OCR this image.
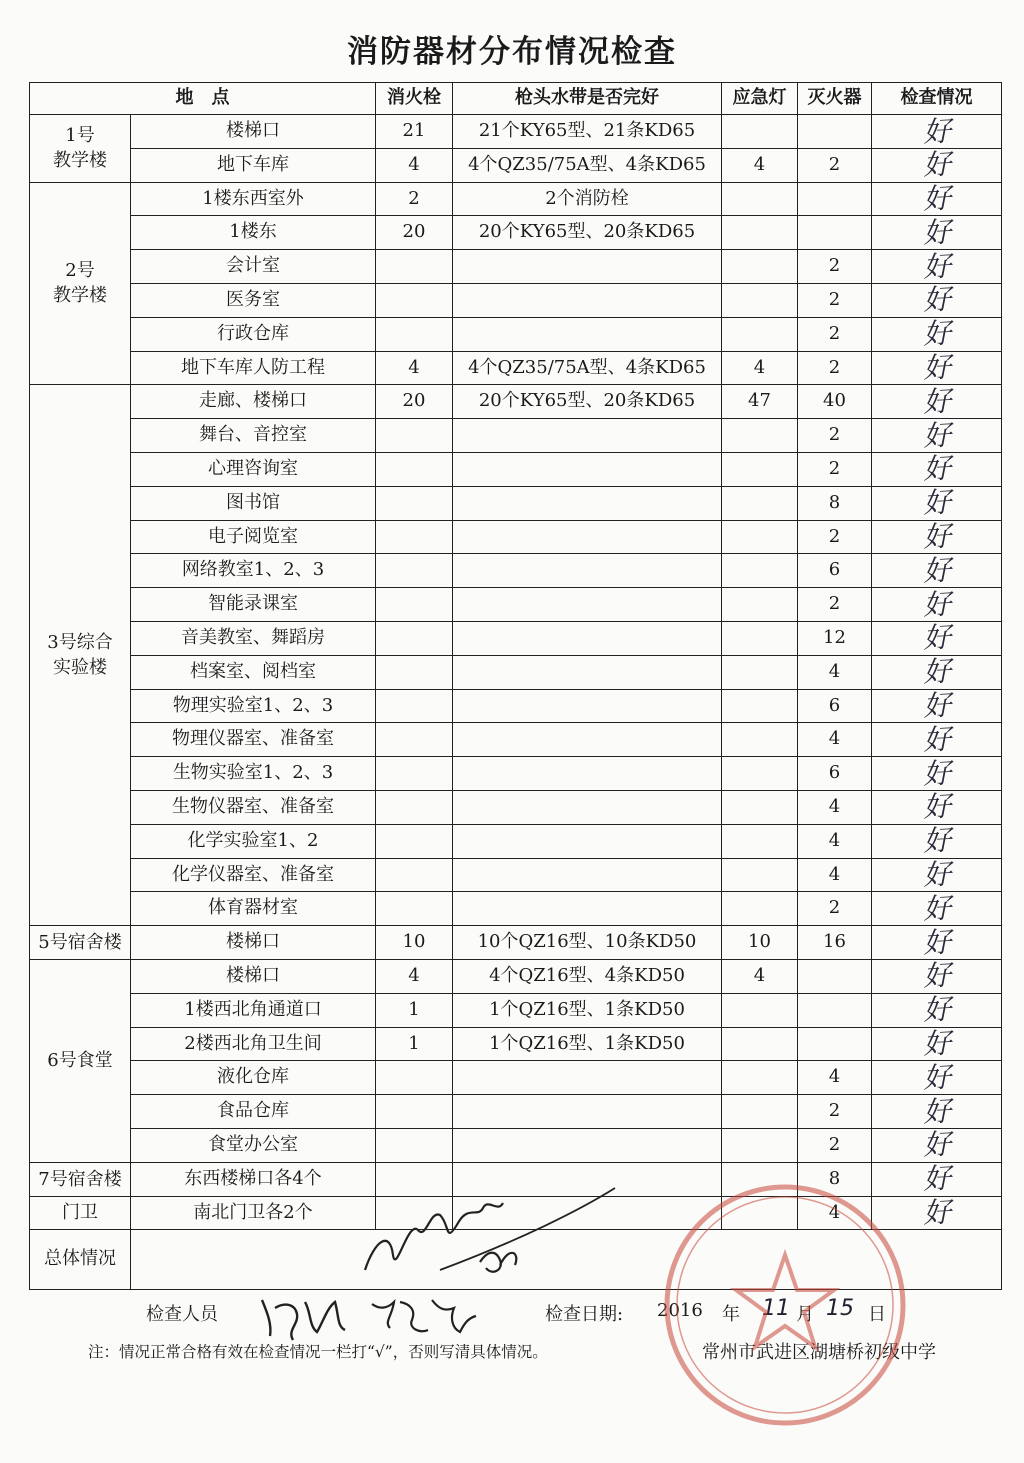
消防器材分布情况检查
地　点		消火栓	枪头水带是否完好	应急灯	灭火器	检查情况
1号
教学楼	楼梯口	21	21个KY65型、21条KD65			好
	地下车库	4	4个QZ35/75A型、4条KD65	4	2	好
2号
教学楼	1楼东西室外	2	2个消防栓			好
	1楼东	20	20个KY65型、20条KD65			好
	会计室				2	好
	医务室				2	好
	行政仓库				2	好
	地下车库人防工程	4	4个QZ35/75A型、4条KD65	4	2	好
3号综合
实验楼	走廊、楼梯口	20	20个KY65型、20条KD65	47	40	好
	舞台、音控室				2	好
	心理咨询室				2	好
	图书馆				8	好
	电子阅览室				2	好
	网络教室1、2、3				6	好
	智能录课室				2	好
	音美教室、舞蹈房				12	好
	档案室、阅档室				4	好
	物理实验室1、2、3				6	好
	物理仪器室、准备室				4	好
	生物实验室1、2、3				6	好
	生物仪器室、准备室				4	好
	化学实验室1、2				4	好
	化学仪器室、准备室				4	好
	体育器材室				2	好
5号宿舍楼	楼梯口	10	10个QZ16型、10条KD50	10	16	好
6号食堂	楼梯口	4	4个QZ16型、4条KD50	4		好
	1楼西北角通道口	1	1个QZ16型、1条KD50			好
	2楼西北角卫生间	1	1个QZ16型、1条KD50			好
	液化仓库				4	好
	食品仓库				2	好
	食堂办公室				2	好
7号宿舍楼	东西楼梯口各4个				8	好
门卫	南北门卫各2个				4	好
总体情况						
检查人员	检查日期: 2016 年 11 月 15 日
注：情况正常合格有效在检查情况一栏打“√”，否则写清具体情况。	常州市武进区湖塘桥初级中学
